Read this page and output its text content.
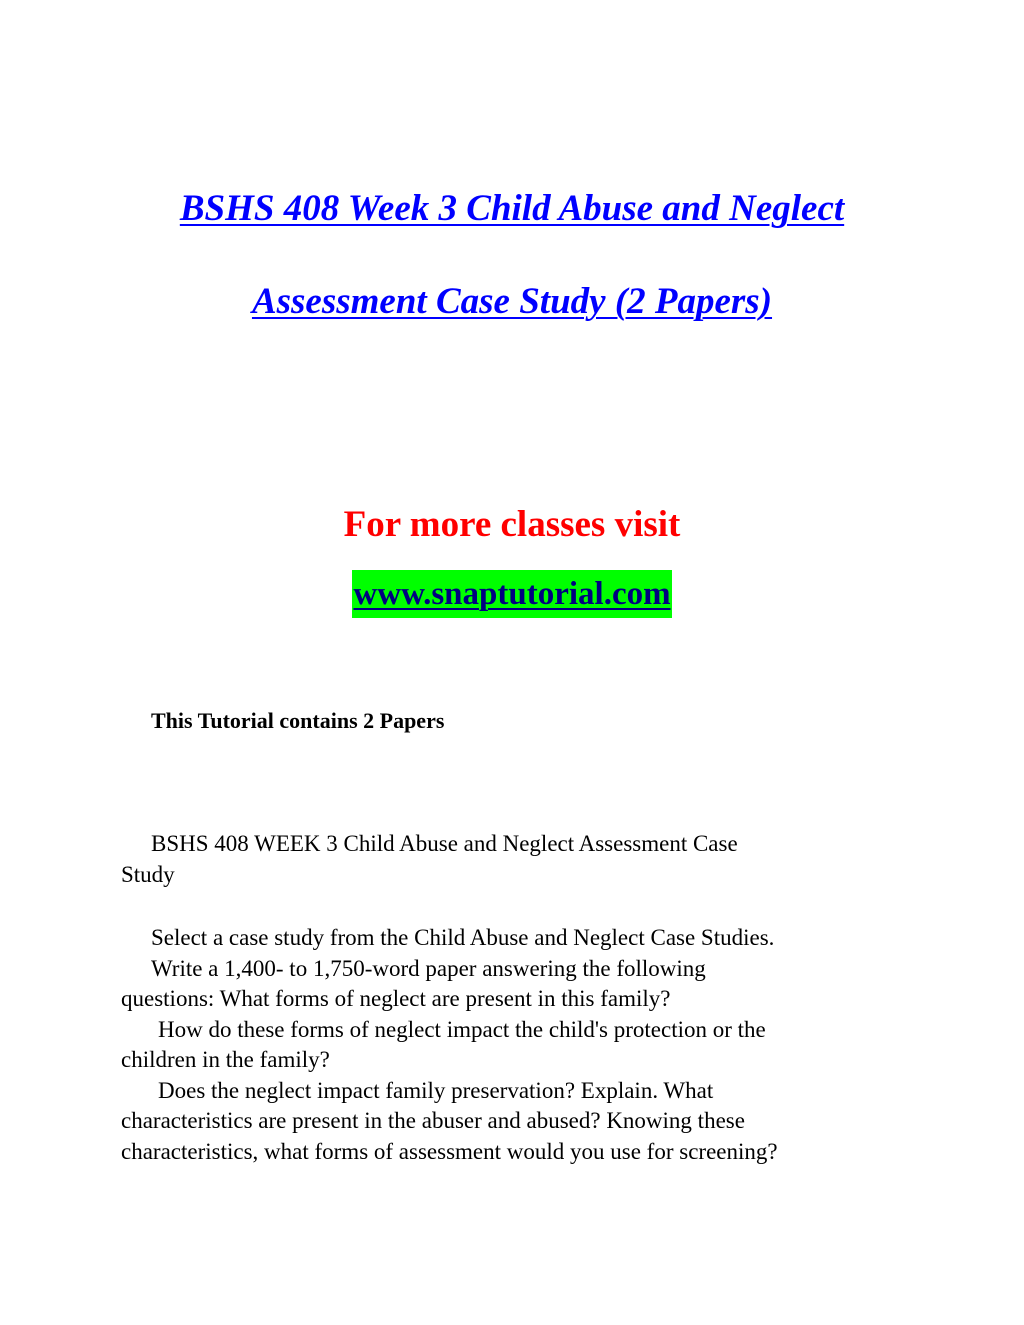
BSHS 408 Week 3 Child Abuse and Neglect
Assessment Case Study (2 Papers)
For more classes visit
www.snaptutorial.com
This Tutorial contains 2 Papers
BSHS 408 WEEK 3 Child Abuse and Neglect Assessment Case
Study
Select a case study from the Child Abuse and Neglect Case Studies.
Write a 1,400- to 1,750-word paper answering the following
questions: What forms of neglect are present in this family?
How do these forms of neglect impact the child's protection or the
children in the family?
Does the neglect impact family preservation? Explain. What
characteristics are present in the abuser and abused? Knowing these
characteristics, what forms of assessment would you use for screening?
